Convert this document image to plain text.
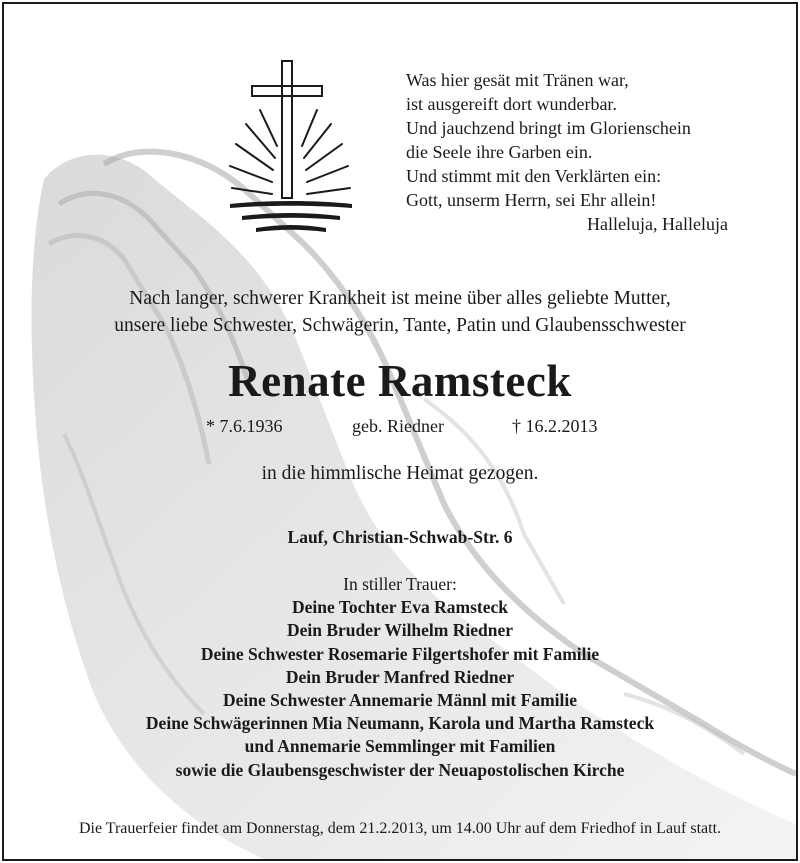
Was hier gesät mit Tränen war,
ist ausgereift dort wunderbar.
Und jauchzend bringt im Glorienschein
die Seele ihre Garben ein.
Und stimmt mit den Verklärten ein:
Gott, unserm Herrn, sei Ehr allein!
Halleluja, Halleluja
Nach langer, schwerer Krankheit ist meine über alles geliebte Mutter,
unsere liebe Schwester, Schwägerin, Tante, Patin und Glaubensschwester
Renate Ramsteck
* 7.6.1936	geb. Riedner	† 16.2.2013
in die himmlische Heimat gezogen.
Lauf, Christian-Schwab-Str. 6
In stiller Trauer:
Deine Tochter Eva Ramsteck
Dein Bruder Wilhelm Riedner
Deine Schwester Rosemarie Filgertshofer mit Familie
Dein Bruder Manfred Riedner
Deine Schwester Annemarie Männl mit Familie
Deine Schwägerinnen Mia Neumann, Karola und Martha Ramsteck
und Annemarie Semmlinger mit Familien
sowie die Glaubensgeschwister der Neuapostolischen Kirche
Die Trauerfeier findet am Donnerstag, dem 21.2.2013, um 14.00 Uhr auf dem Friedhof in Lauf statt.
